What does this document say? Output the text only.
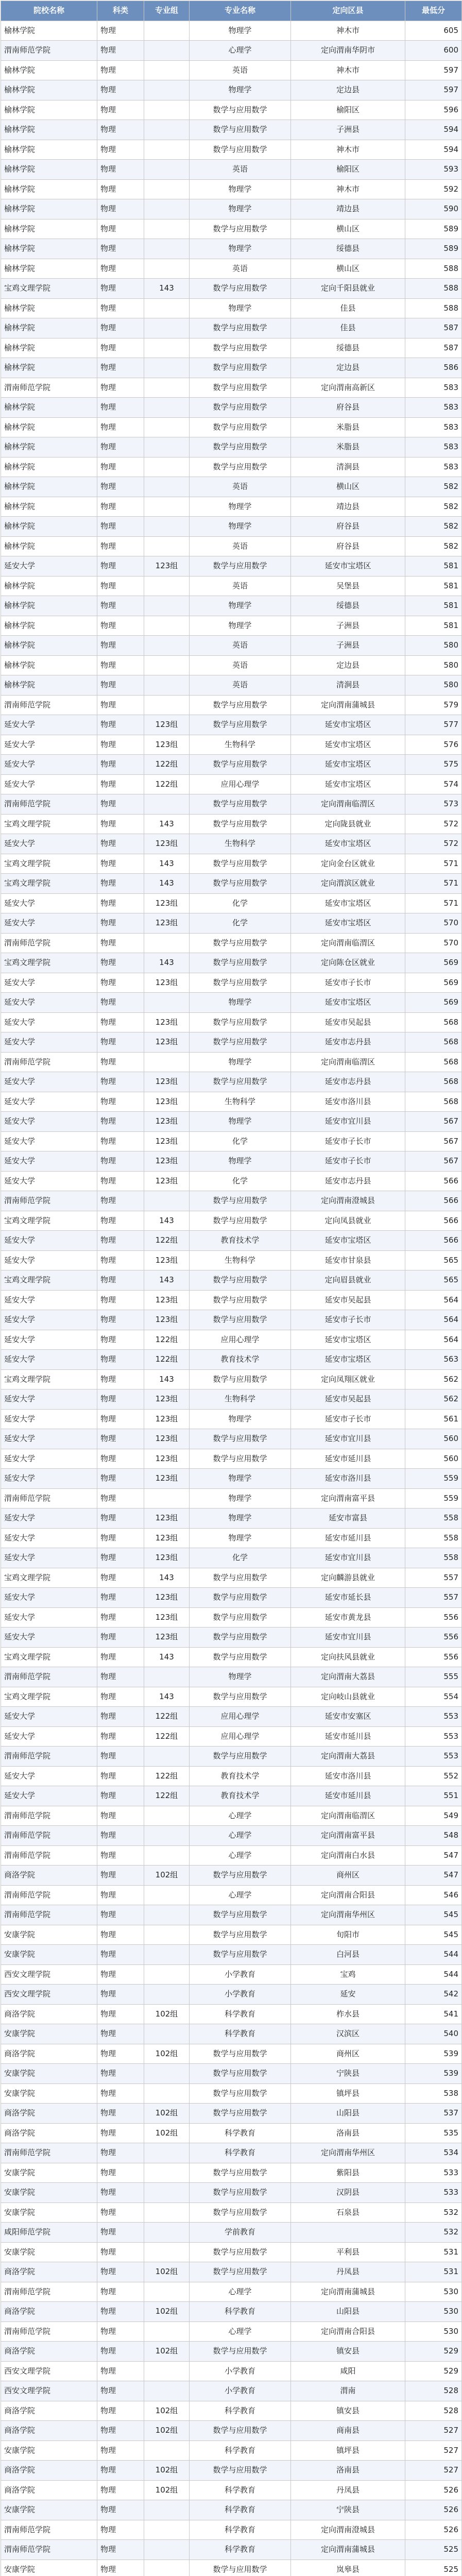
院校名称	科类	专业组	专业名称	定向区县	最低分
榆林学院	物理		物理学	神木市	605
渭南师范学院	物理		心理学	定向渭南华阴市	600
榆林学院	物理		英语	神木市	597
榆林学院	物理		物理学	定边县	597
榆林学院	物理		数学与应用数学	榆阳区	596
榆林学院	物理		数学与应用数学	子洲县	594
榆林学院	物理		数学与应用数学	神木市	594
榆林学院	物理		英语	榆阳区	593
榆林学院	物理		物理学	神木市	592
榆林学院	物理		物理学	靖边县	590
榆林学院	物理		数学与应用数学	横山区	589
榆林学院	物理		物理学	绥德县	589
榆林学院	物理		英语	横山区	588
宝鸡文理学院	物理	143	数学与应用数学	定向千阳县就业	588
榆林学院	物理		物理学	佳县	588
榆林学院	物理		数学与应用数学	佳县	587
榆林学院	物理		数学与应用数学	绥德县	587
榆林学院	物理		数学与应用数学	定边县	586
渭南师范学院	物理		数学与应用数学	定向渭南高新区	583
榆林学院	物理		数学与应用数学	府谷县	583
榆林学院	物理		数学与应用数学	米脂县	583
榆林学院	物理		数学与应用数学	米脂县	583
榆林学院	物理		数学与应用数学	清涧县	583
榆林学院	物理		英语	横山区	582
榆林学院	物理		物理学	靖边县	582
榆林学院	物理		物理学	府谷县	582
榆林学院	物理		英语	府谷县	582
延安大学	物理	123组	数学与应用数学	延安市宝塔区	581
榆林学院	物理		英语	吴堡县	581
榆林学院	物理		物理学	绥德县	581
榆林学院	物理		物理学	子洲县	581
榆林学院	物理		英语	子洲县	580
榆林学院	物理		英语	定边县	580
榆林学院	物理		英语	清涧县	580
渭南师范学院	物理		数学与应用数学	定向渭南蒲城县	579
延安大学	物理	123组	数学与应用数学	延安市宝塔区	577
延安大学	物理	123组	生物科学	延安市宝塔区	576
延安大学	物理	122组	数学与应用数学	延安市宝塔区	575
延安大学	物理	122组	应用心理学	延安市宝塔区	574
渭南师范学院	物理		数学与应用数学	定向渭南临渭区	573
宝鸡文理学院	物理	143	数学与应用数学	定向陇县就业	572
延安大学	物理	123组	生物科学	延安市宝塔区	572
宝鸡文理学院	物理	143	数学与应用数学	定向金台区就业	571
宝鸡文理学院	物理	143	数学与应用数学	定向渭滨区就业	571
延安大学	物理	123组	化学	延安市宝塔区	571
延安大学	物理	123组	化学	延安市宝塔区	570
渭南师范学院	物理		数学与应用数学	定向渭南临渭区	570
宝鸡文理学院	物理	143	数学与应用数学	定向陈仓区就业	569
延安大学	物理	123组	数学与应用数学	延安市子长市	569
延安大学	物理		物理学	延安市宝塔区	569
延安大学	物理	123组	数学与应用数学	延安市吴起县	568
延安大学	物理	123组	数学与应用数学	延安市志丹县	568
渭南师范学院	物理		物理学	定向渭南临渭区	568
延安大学	物理	123组	数学与应用数学	延安市志丹县	568
延安大学	物理	123组	生物科学	延安市洛川县	568
延安大学	物理	123组	物理学	延安市宜川县	567
延安大学	物理	123组	化学	延安市子长市	567
延安大学	物理	123组	物理学	延安市子长市	567
延安大学	物理	123组	化学	延安市志丹县	566
渭南师范学院	物理		数学与应用数学	定向渭南澄城县	566
宝鸡文理学院	物理	143	数学与应用数学	定向凤县就业	566
延安大学	物理	122组	教育技术学	延安市宝塔区	566
延安大学	物理	123组	生物科学	延安市甘泉县	565
宝鸡文理学院	物理	143	数学与应用数学	定向眉县就业	565
延安大学	物理	123组	数学与应用数学	延安市吴起县	564
延安大学	物理	123组	数学与应用数学	延安市子长市	564
延安大学	物理	122组	应用心理学	延安市宝塔区	564
延安大学	物理	122组	教育技术学	延安市宝塔区	563
宝鸡文理学院	物理	143	数学与应用数学	定向凤翔区就业	562
延安大学	物理	123组	生物科学	延安市吴起县	562
延安大学	物理	123组	物理学	延安市子长市	561
延安大学	物理	123组	数学与应用数学	延安市宜川县	560
延安大学	物理	123组	数学与应用数学	延安市延川县	560
延安大学	物理	123组	物理学	延安市洛川县	559
渭南师范学院	物理		物理学	定向渭南富平县	559
延安大学	物理	123组	物理学	延安市富县	558
延安大学	物理	123组	物理学	延安市延川县	558
延安大学	物理	123组	化学	延安市宜川县	558
宝鸡文理学院	物理	143	数学与应用数学	定向麟游县就业	557
延安大学	物理	123组	数学与应用数学	延安市延长县	557
延安大学	物理	123组	数学与应用数学	延安市黄龙县	556
延安大学	物理	123组	数学与应用数学	延安市宜川县	556
宝鸡文理学院	物理	143	数学与应用数学	定向扶风县就业	556
渭南师范学院	物理		物理学	定向渭南大荔县	555
宝鸡文理学院	物理	143	数学与应用数学	定向岐山县就业	554
延安大学	物理	122组	应用心理学	延安市安塞区	553
延安大学	物理	122组	应用心理学	延安市延川县	553
渭南师范学院	物理		数学与应用数学	定向渭南大荔县	553
延安大学	物理	122组	教育技术学	延安市洛川县	552
延安大学	物理	122组	教育技术学	延安市延川县	551
渭南师范学院	物理		心理学	定向渭南临渭区	549
渭南师范学院	物理		心理学	定向渭南富平县	548
渭南师范学院	物理		心理学	定向渭南白水县	547
商洛学院	物理	102组	数学与应用数学	商州区	547
渭南师范学院	物理		心理学	定向渭南合阳县	546
渭南师范学院	物理		数学与应用数学	定向渭南华州区	545
安康学院	物理		数学与应用数学	旬阳市	545
安康学院	物理		数学与应用数学	白河县	544
西安文理学院	物理		小学教育	宝鸡	544
西安文理学院	物理		小学教育	延安	542
商洛学院	物理	102组	科学教育	柞水县	541
安康学院	物理		科学教育	汉滨区	540
商洛学院	物理	102组	数学与应用数学	商州区	539
安康学院	物理		数学与应用数学	宁陕县	539
安康学院	物理		数学与应用数学	镇坪县	538
商洛学院	物理	102组	数学与应用数学	山阳县	537
商洛学院	物理	102组	科学教育	洛南县	535
渭南师范学院	物理		科学教育	定向渭南华州区	534
安康学院	物理		数学与应用数学	紫阳县	533
安康学院	物理		数学与应用数学	汉阴县	533
安康学院	物理		数学与应用数学	石泉县	532
咸阳师范学院	物理		学前教育		532
安康学院	物理		数学与应用数学	平利县	531
商洛学院	物理	102组	数学与应用数学	丹凤县	531
渭南师范学院	物理		心理学	定向渭南蒲城县	530
商洛学院	物理	102组	科学教育	山阳县	530
渭南师范学院	物理		心理学	定向渭南合阳县	530
商洛学院	物理	102组	数学与应用数学	镇安县	529
西安文理学院	物理		小学教育	咸阳	529
西安文理学院	物理		小学教育	渭南	528
商洛学院	物理	102组	科学教育	镇安县	528
商洛学院	物理	102组	数学与应用数学	商南县	527
安康学院	物理		科学教育	镇坪县	527
商洛学院	物理	102组	数学与应用数学	洛南县	527
商洛学院	物理	102组	科学教育	丹凤县	526
安康学院	物理		科学教育	宁陕县	526
渭南师范学院	物理		科学教育	定向渭南澄城县	526
渭南师范学院	物理		科学教育	定向渭南蒲城县	525
安康学院	物理		数学与应用数学	岚皋县	525
